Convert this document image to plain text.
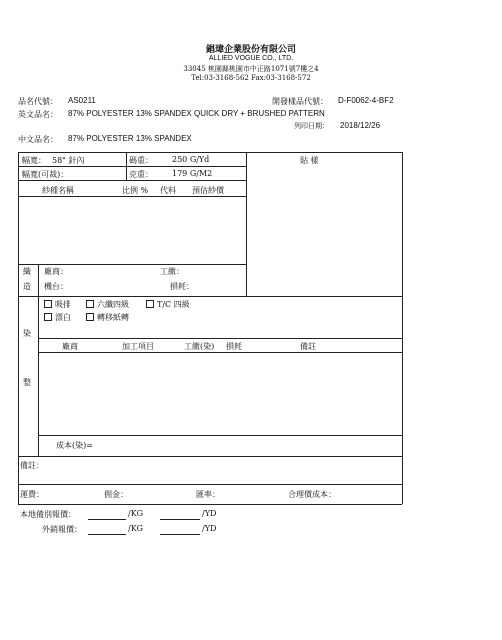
錩瑋企業股份有限公司
ALLIED VOGUE CO., LTD.
33045 桃園縣桃園市中正路1071號7樓之4
Tel:03-3168-562 Fax:03-3168-572
品名代號： AS0211	開發樣品代號： D-F0062-4-BF2
英文品名： 87% POLYESTER 13% SPANDEX QUICK DRY + BRUSHED PATTERN
列印日期： 2018/12/26
中文品名： 87% POLYESTER 13% SPANDEX
幅寬： 58" 針內	碼重： 250 G/Yd	貼 樣
幅寬(可裁)：	克重： 179 G/M2
紗種名稱	比例 % 代料 預估紗價
織
造
廠商：	工繳：
機台：	損耗：
吸排	六纖四級	T/C 四級
漂白	轉移紙轉
廠商	加工項目	工繳(染) 損耗	備註
染
整
成本(染)=
備註：
運費：	佣金：	匯率：	合理價成本：
本地備別報價：	/KG	/YD
外銷報價：	/KG	/YD
